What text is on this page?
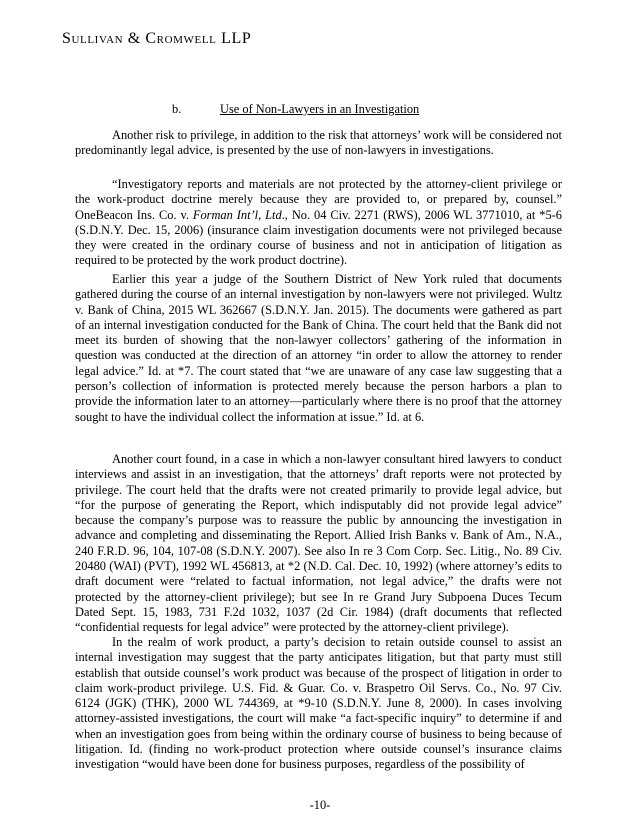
Sullivan & Cromwell LLP
b.	Use of Non-Lawyers in an Investigation

Another risk to privilege, in addition to the risk that attorneys’ work will be considered not predominantly legal advice, is presented by the use of non-lawyers in investigations.

“Investigatory reports and materials are not protected by the attorney-client privilege or the work-product doctrine merely because they are provided to, or prepared by, counsel.” OneBeacon Ins. Co. v. Forman Int’l, Ltd., No. 04 Civ. 2271 (RWS), 2006 WL 3771010, at *5-6 (S.D.N.Y. Dec. 15, 2006) (insurance claim investigation documents were not privileged because they were created in the ordinary course of business and not in anticipation of litigation as required to be protected by the work product doctrine).

Earlier this year a judge of the Southern District of New York ruled that documents gathered during the course of an internal investigation by non-lawyers were not privileged. Wultz v. Bank of China, 2015 WL 362667 (S.D.N.Y. Jan. 2015). The documents were gathered as part of an internal investigation conducted for the Bank of China. The court held that the Bank did not meet its burden of showing that the non-lawyer collectors’ gathering of the information in question was conducted at the direction of an attorney “in order to allow the attorney to render legal advice.” Id. at *7. The court stated that “we are unaware of any case law suggesting that a person’s collection of information is protected merely because the person harbors a plan to provide the information later to an attorney—particularly where there is no proof that the attorney sought to have the individual collect the information at issue.” Id. at 6.

Another court found, in a case in which a non-lawyer consultant hired lawyers to conduct interviews and assist in an investigation, that the attorneys’ draft reports were not protected by privilege. The court held that the drafts were not created primarily to provide legal advice, but “for the purpose of generating the Report, which indisputably did not provide legal advice” because the company’s purpose was to reassure the public by announcing the investigation in advance and completing and disseminating the Report. Allied Irish Banks v. Bank of Am., N.A., 240 F.R.D. 96, 104, 107-08 (S.D.N.Y. 2007). See also In re 3 Com Corp. Sec. Litig., No. 89 Civ. 20480 (WAI) (PVT), 1992 WL 456813, at *2 (N.D. Cal. Dec. 10, 1992) (where attorney’s edits to draft document were “related to factual information, not legal advice,” the drafts were not protected by the attorney-client privilege); but see In re Grand Jury Subpoena Duces Tecum Dated Sept. 15, 1983, 731 F.2d 1032, 1037 (2d Cir. 1984) (draft documents that reflected “confidential requests for legal advice” were protected by the attorney-client privilege).

In the realm of work product, a party’s decision to retain outside counsel to assist an internal investigation may suggest that the party anticipates litigation, but that party must still establish that outside counsel’s work product was because of the prospect of litigation in order to claim work-product privilege. U.S. Fid. & Guar. Co. v. Braspetro Oil Servs. Co., No. 97 Civ. 6124 (JGK) (THK), 2000 WL 744369, at *9-10 (S.D.N.Y. June 8, 2000). In cases involving attorney-assisted investigations, the court will make “a fact-specific inquiry” to determine if and when an investigation goes from being within the ordinary course of business to being because of litigation. Id. (finding no work-product protection where outside counsel’s insurance claims investigation “would have been done for business purposes, regardless of the possibility of

-10-
